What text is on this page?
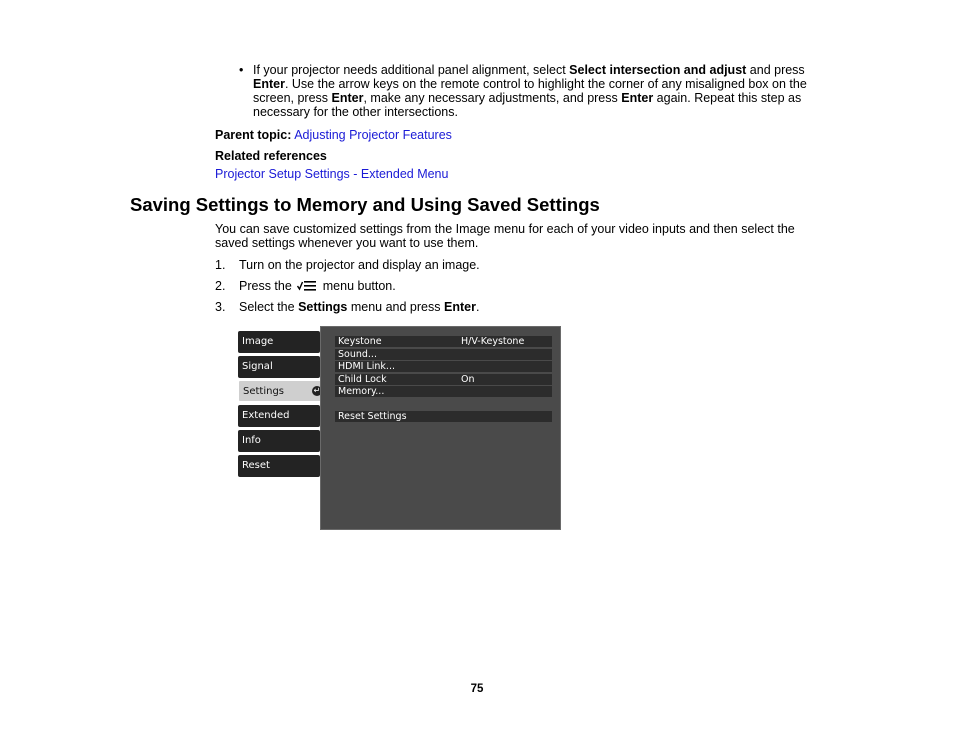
• If your projector needs additional panel alignment, select Select intersection and adjust and press Enter. Use the arrow keys on the remote control to highlight the corner of any misaligned box on the screen, press Enter, make any necessary adjustments, and press Enter again. Repeat this step as necessary for the other intersections.
Parent topic: Adjusting Projector Features
Related references
Projector Setup Settings - Extended Menu
Saving Settings to Memory and Using Saved Settings
You can save customized settings from the Image menu for each of your video inputs and then select the saved settings whenever you want to use them.
1. Turn on the projector and display an image.
2. Press the  menu button.
3. Select the Settings menu and press Enter.
Image
Signal
Settings	↵
Extended
Info
Reset
Keystone	H/V-Keystone
Sound...
HDMI Link...
Child Lock	On
Memory...
Reset Settings
75
